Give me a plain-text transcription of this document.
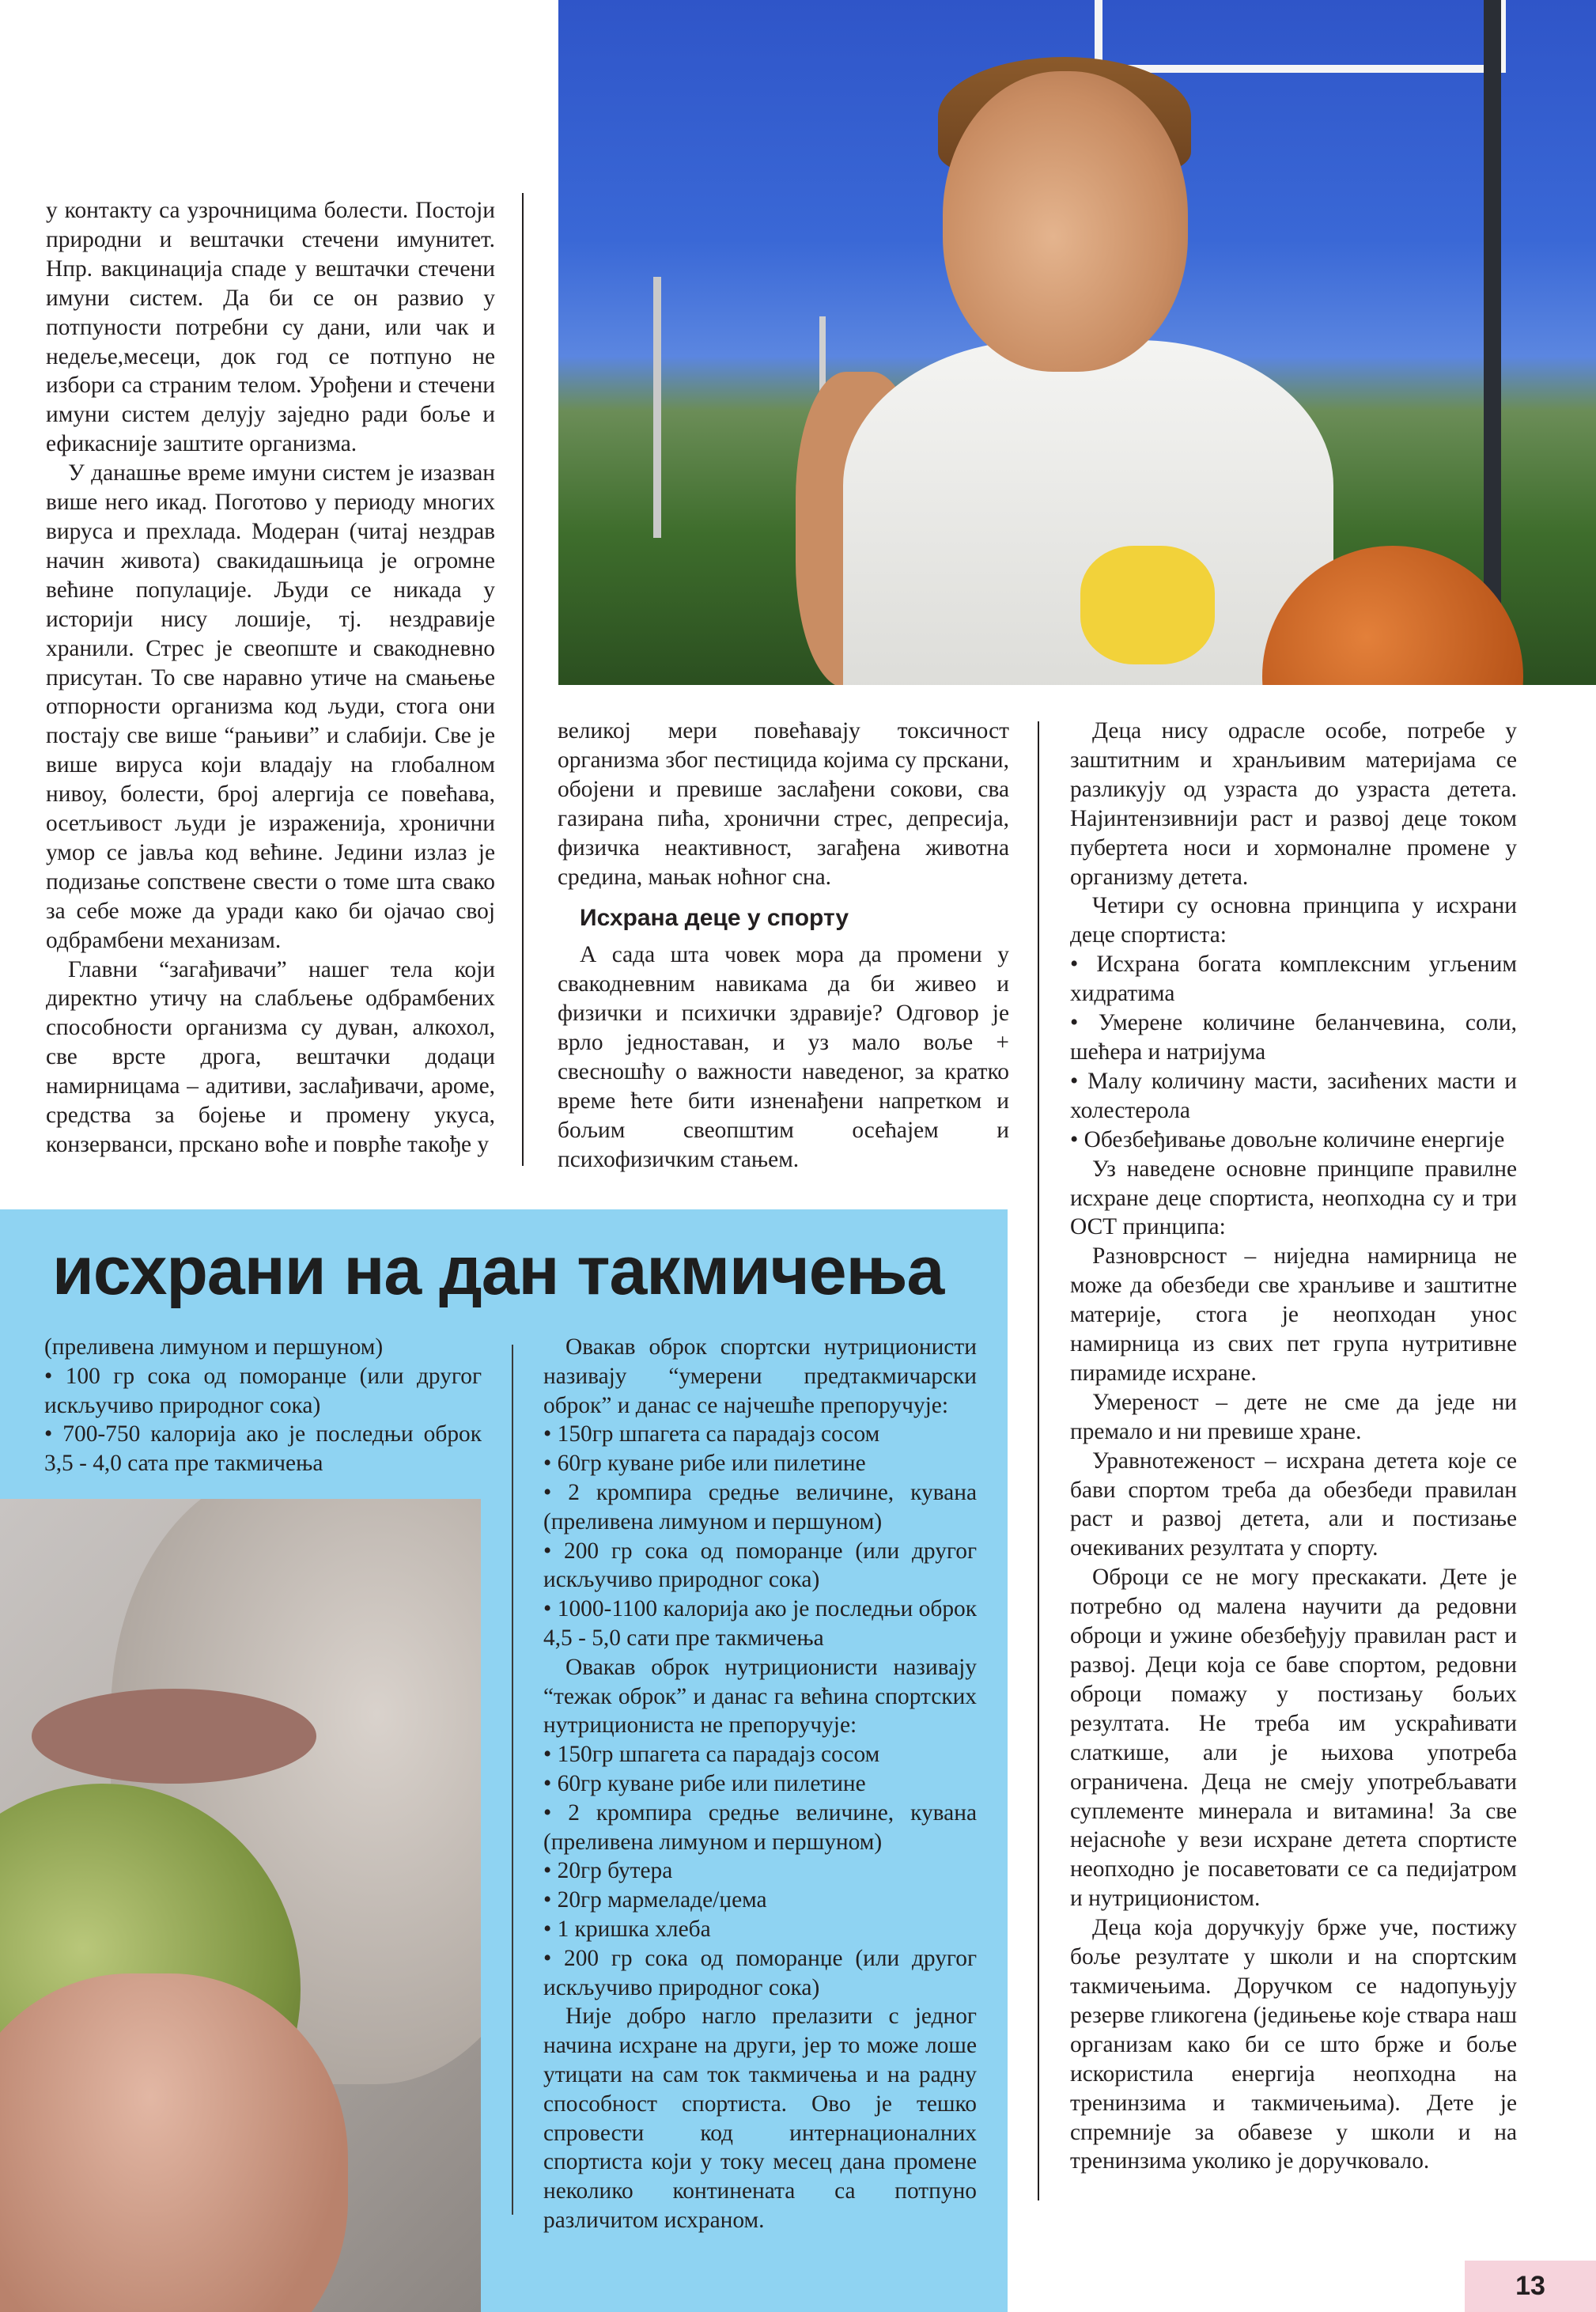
у контакту са узрочницима болести. Постоји природни и вештачки стечени имунитет. Нпр. вакцинација спаде у вештачки стечени имуни систем. Да би се он развио у потпуности потребни су дани, или чак и недеље,месеци, док год се потпуно не избори са страним телом. Урођени и стечени имуни систем делују заједно ради боље и ефикасније заштите организма.

У данашње време имуни систем је изазван више него икад. Поготово у периоду многих вируса и прехлада. Модеран (читај нездрав начин живота) свакидашњица је огромне већине популације. Људи се никада у историји нису лошије, тј. нездравије хранили. Стрес је свеопште и свакодневно присутан. То све наравно утиче на смањење отпорности организма код људи, стога они постају све више “рањиви” и слабији. Све је више вируса који владају на глобалном нивоу, болести, број алергија се повећава, осетљивост људи је израженија, хронични умор се јавља код већине. Једини излаз је подизање сопствене свести о томе шта свако за себе може да уради како би ојачао свој одбрамбени механизам.

Главни “загађивачи” нашег тела који директно утичу на слабљење одбрамбених способности организма су дуван, алкохол, све врсте дрога, вештачки додаци намирницама – адитиви, заслађивачи, ароме, средства за бојење и промену укуса, конзерванси, прскано воће и поврће такође у

великој мери повећавају токсичност организма због пестицида којима су прскани, обојени и превише заслађени сокови, сва газирана пића, хронични стрес, депресија, физичка неактивност, загађена животна средина, мањак ноћног сна.

Исхрана деце у спорту

А сада шта човек мора да промени у свакодневним навикама да би живео и физички и психички здравије? Одговор је врло једноставан, и уз мало воље + свесношћу о важности наведеног, за кратко време ћете бити изненађени напретком и бољим свеопштим осећајем и психофизичким стањем.

Деца нису одрасле особе, потребе у заштитним и хранљивим материјама се разликују од узраста до узраста детета. Најинтензивнији раст и развој деце током пубертета носи и хормоналне промене у организму детета.

Четири су основна принципа у исхрани деце спортиста:

• Исхрана богата комплексним угљеним хидратима

• Умерене количине беланчевина, соли, шећера и натријума

• Малу количину масти, засићених масти и холестерола

• Обезбеђивање довољне количине енергије

Уз наведене основне принципе правилне исхране деце спортиста, неопходна су и три ОСТ принципа:

Разноврсност – ниједна намирница не може да обезбеди све хранљиве и заштитне материје, стога је неопходан унос намирница из свих пет група нутритивне пирамиде исхране.

Умереност – дете не сме да једе ни премало и ни превише хране.

Уравнотеженост – исхрана детета које се бави спортом треба да обезбеди правилан раст и развој детета, али и постизање очекиваних резултата у спорту.

Оброци се не могу прескакати. Дете је потребно од малена научити да редовни оброци и ужине обезбеђују правилан раст и развој. Деци која се баве спортом, редовни оброци помажу у постизању бољих резултата. Не треба им ускраћивати слаткише, али је њихова употреба ограничена. Деца не смеју употребљавати суплементе минерала и витамина! За све нејасноће у вези исхране детета спортисте неопходно је посаветовати се са педијатром и нутриционистом.

Деца која доручкују брже уче, постижу боље резултате у школи и на спортским такмичењима. Доручком се надопуњују резерве гликогена (једињење које ствара наш организам како би се што брже и боље искористила енергија неопходна на тренинзима и такмичењима). Дете је спремније за обавезе у школи и на тренинзима уколико је доручковало.

исхрани на дан такмичења

(преливена лимуном и першуном)

• 100 гр сока од поморанџе (или другог искључиво природног сока)

• 700-750 калорија ако је последњи оброк 3,5 - 4,0 сата пре такмичења

Овакав оброк спортски нутриционисти називају “умерени предтакмичарски оброк” и данас се најчешће препоручује:

• 150гр шпагета са парадајз сосом

• 60гр куване рибе или пилетине

• 2 кромпира средње величине, кувана (преливена лимуном и першуном)

• 200 гр сока од поморанџе (или другог искључиво природног сока)

• 1000-1100 калорија ако је последњи оброк 4,5 - 5,0 сати пре такмичења

Овакав оброк нутриционисти називају “тежак оброк” и данас га већина спортских нутрициониста не препоручује:

• 150гр шпагета са парадајз сосом

• 60гр куване рибе или пилетине

• 2 кромпира средње величине, кувана (преливена лимуном и першуном)

• 20гр бутера

• 20гр мармеладе/џема

• 1 кришка хлеба

• 200 гр сока од поморанџе (или другог искључиво природног сока)

Није добро нагло прелазити с једног начина исхране на други, јер то може лоше утицати на сам ток такмичења и на радну способност спортиста. Ово је тешко спровести код интернационалних спортиста који у току месец дана промене неколико континената са потпуно различитом исхраном.

13
